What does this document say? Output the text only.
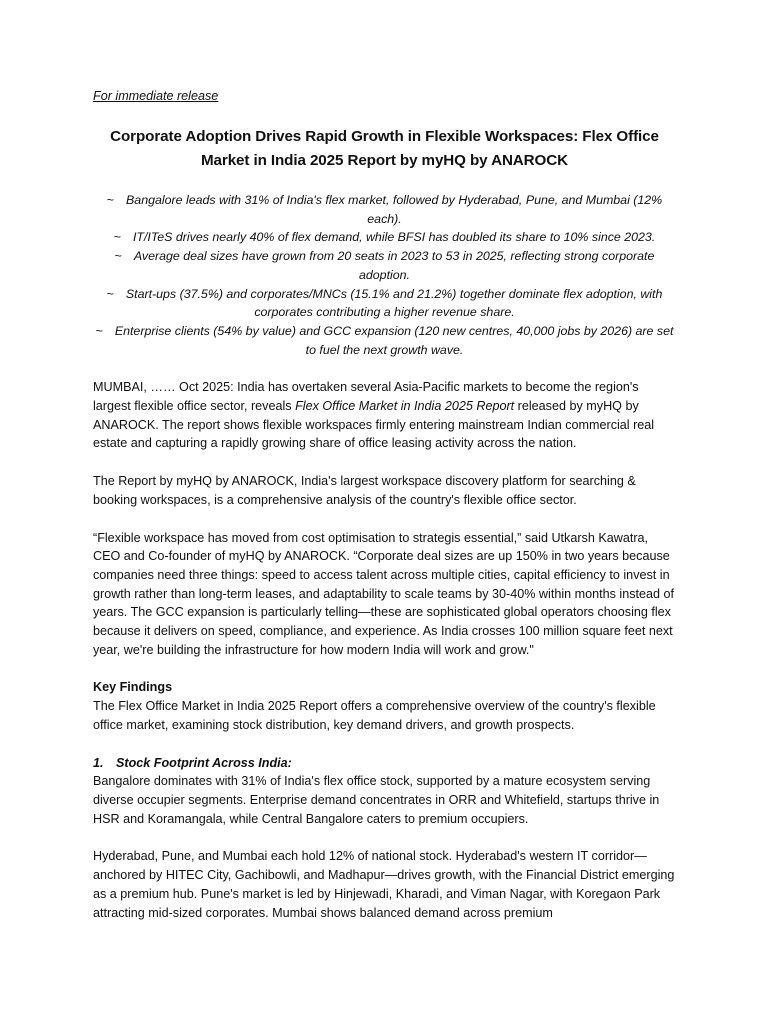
For immediate release

Corporate Adoption Drives Rapid Growth in Flexible Workspaces: Flex Office
Market in India 2025 Report by myHQ by ANAROCK
~ Bangalore leads with 31% of India's flex market, followed by Hyderabad, Pune, and Mumbai (12% each).
~ IT/ITeS drives nearly 40% of flex demand, while BFSI has doubled its share to 10% since 2023.
~ Average deal sizes have grown from 20 seats in 2023 to 53 in 2025, reflecting strong corporate adoption.
~ Start-ups (37.5%) and corporates/MNCs (15.1% and 21.2%) together dominate flex adoption, with corporates contributing a higher revenue share.
~ Enterprise clients (54% by value) and GCC expansion (120 new centres, 40,000 jobs by 2026) are set to fuel the next growth wave.

MUMBAI, …… Oct 2025: India has overtaken several Asia-Pacific markets to become the region's largest flexible office sector, reveals Flex Office Market in India 2025 Report released by myHQ by ANAROCK. The report shows flexible workspaces firmly entering mainstream Indian commercial real estate and capturing a rapidly growing share of office leasing activity across the nation.

The Report by myHQ by ANAROCK, India's largest workspace discovery platform for searching & booking workspaces, is a comprehensive analysis of the country's flexible office sector.

“Flexible workspace has moved from cost optimisation to strategis essential,” said Utkarsh Kawatra, CEO and Co-founder of myHQ by ANAROCK. “Corporate deal sizes are up 150% in two years because companies need three things: speed to access talent across multiple cities, capital efficiency to invest in growth rather than long-term leases, and adaptability to scale teams by 30-40% within months instead of years. The GCC expansion is particularly telling—these are sophisticated global operators choosing flex because it delivers on speed, compliance, and experience. As India crosses 100 million square feet next year, we're building the infrastructure for how modern India will work and grow."

Key Findings

The Flex Office Market in India 2025 Report offers a comprehensive overview of the country's flexible office market, examining stock distribution, key demand drivers, and growth prospects.

1. Stock Footprint Across India:

Bangalore dominates with 31% of India's flex office stock, supported by a mature ecosystem serving diverse occupier segments. Enterprise demand concentrates in ORR and Whitefield, startups thrive in HSR and Koramangala, while Central Bangalore caters to premium occupiers.

Hyderabad, Pune, and Mumbai each hold 12% of national stock. Hyderabad's western IT corridor—anchored by HITEC City, Gachibowli, and Madhapur—drives growth, with the Financial District emerging as a premium hub. Pune's market is led by Hinjewadi, Kharadi, and Viman Nagar, with Koregaon Park attracting mid-sized corporates. Mumbai shows balanced demand across premium
